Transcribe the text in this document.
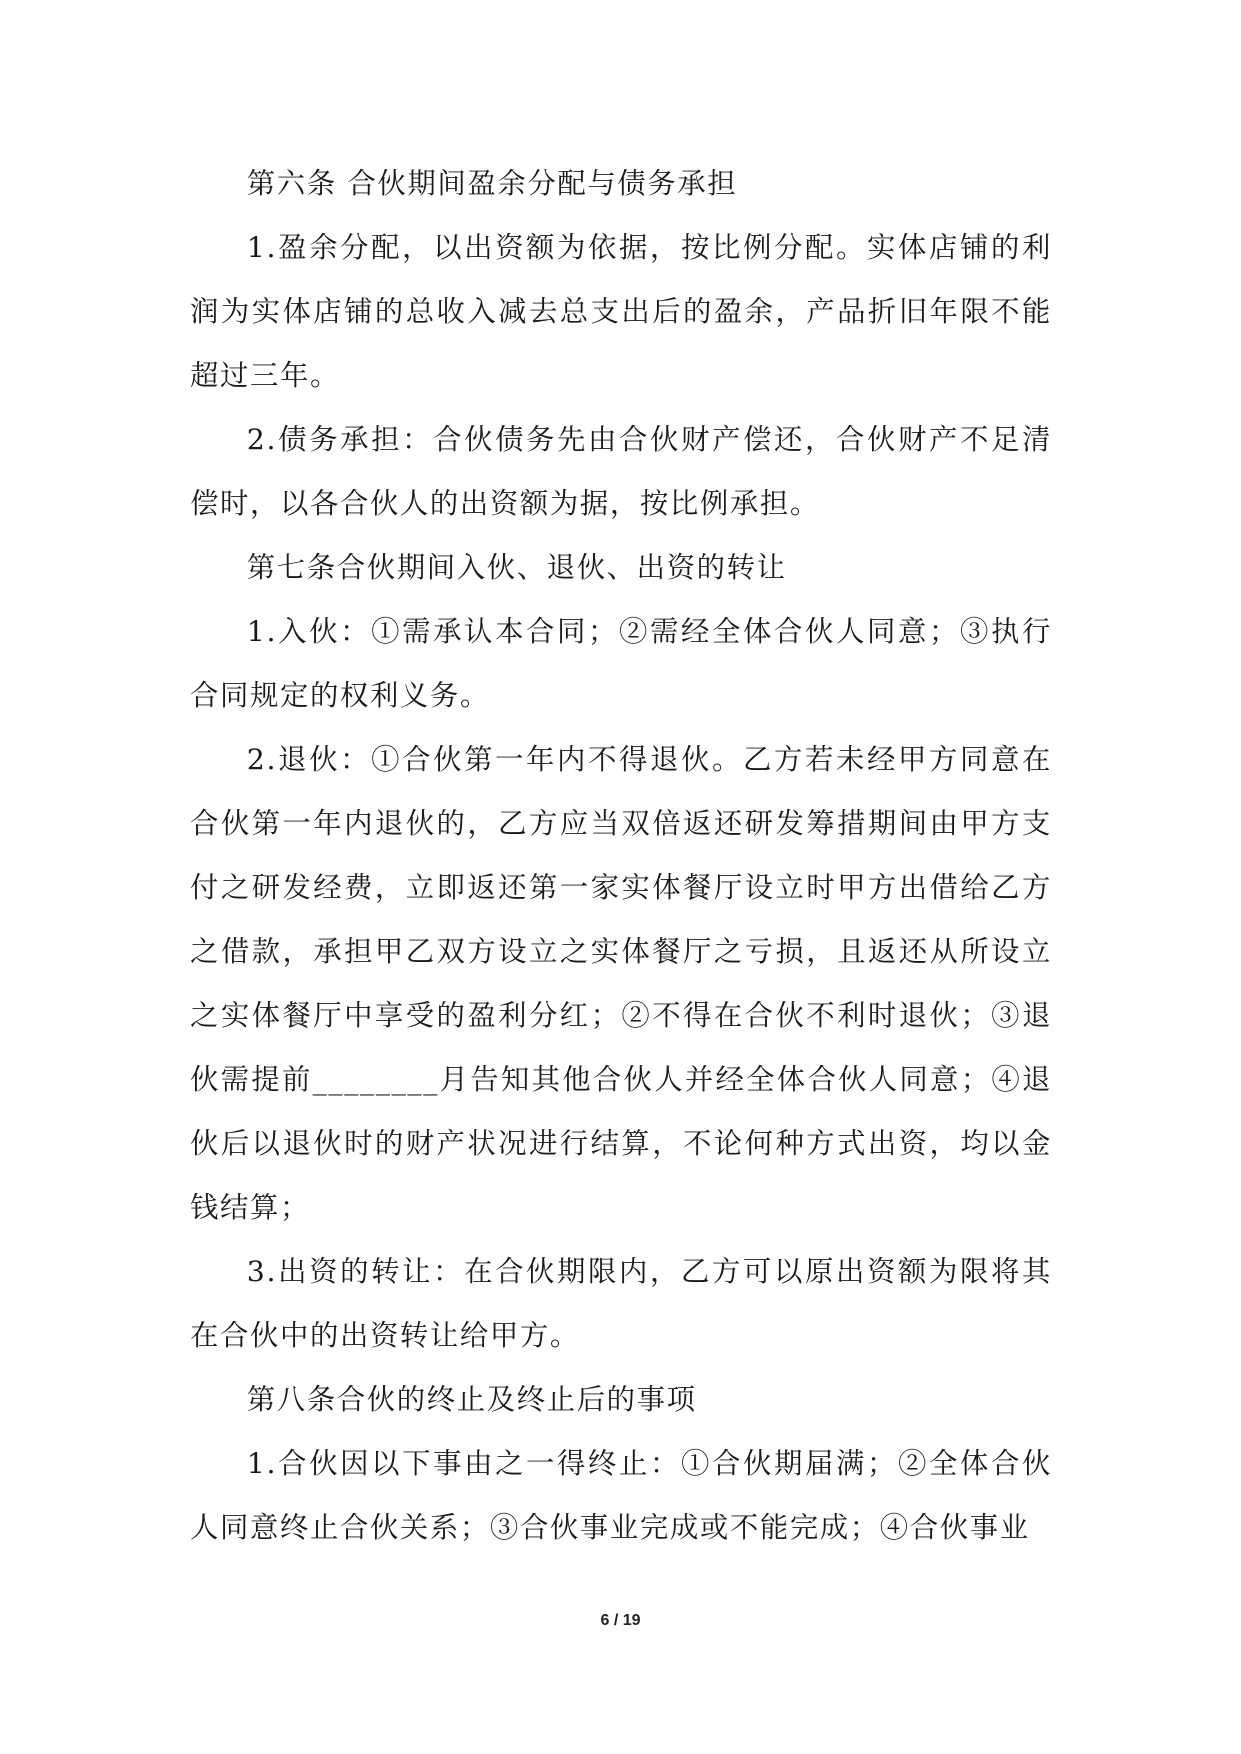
第六条 合伙期间盈余分配与债务承担

1.盈余分配，以出资额为依据，按比例分配。实体店铺的利润为实体店铺的总收入减去总支出后的盈余，产品折旧年限不能超过三年。

2.债务承担：合伙债务先由合伙财产偿还，合伙财产不足清偿时，以各合伙人的出资额为据，按比例承担。

第七条合伙期间入伙、退伙、出资的转让

1.入伙：①需承认本合同；②需经全体合伙人同意；③执行合同规定的权利义务。

2.退伙：①合伙第一年内不得退伙。乙方若未经甲方同意在合伙第一年内退伙的，乙方应当双倍返还研发筹措期间由甲方支付之研发经费，立即返还第一家实体餐厅设立时甲方出借给乙方之借款，承担甲乙双方设立之实体餐厅之亏损，且返还从所设立之实体餐厅中享受的盈利分红；②不得在合伙不利时退伙；③退伙需提前________月告知其他合伙人并经全体合伙人同意；④退伙后以退伙时的财产状况进行结算，不论何种方式出资，均以金钱结算；

3.出资的转让：在合伙期限内，乙方可以原出资额为限将其在合伙中的出资转让给甲方。

第八条合伙的终止及终止后的事项

1.合伙因以下事由之一得终止：①合伙期届满；②全体合伙人同意终止合伙关系；③合伙事业完成或不能完成；④合伙事业

6 / 19
